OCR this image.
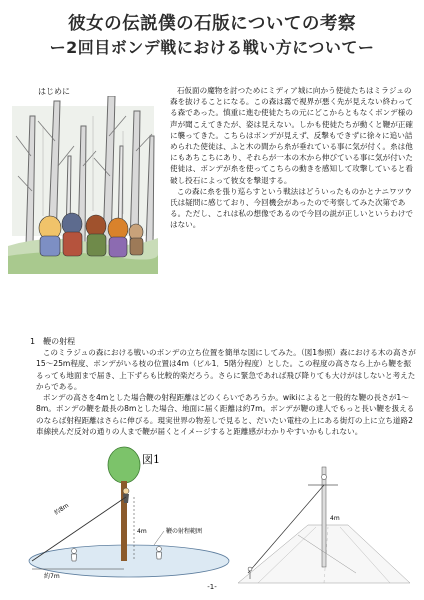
彼女の伝説僕の石版についての考察
ー2回目ボンデ戦における戦い方についてー
はじめに	石仮面の魔物を討つためにミディア城に向かう使徒たちはミラジュの森を抜けることになる。この森は霧で視界が悪く先が見えない終わってる森であった。慎重に進む使徒たちの元にどこからともなくボンデ様の声が聞こえてきたが、姿は見えない。しかも使徒たちが動くと鞭が正確に襲ってきた。こちらはボンデが見えず、反撃もできずに徐々に追い詰められた使徒は、ふと木の間から糸が垂れている事に気が付く。糸は他にもあちこちにあり、それらが一本の木から伸びている事に気が付いた使徒は、ボンデが糸を使ってこちらの動きを感知して攻撃していると看破し投石によって彼女を撃退する。

この森に糸を張り巡らすという戦法はどういったものかとナニワツウ氏は疑問に感じており、今回機会があったので考察してみた次第である。ただし、これは私の想像であるので今回の説が正しいというわけではない。

1　鞭の射程

このミラジュの森における戦いのボンデの立ち位置を簡単な図にしてみた。（図1参照）森における木の高さが15～25m程度、ボンデがいる枝の位置は4m（ビル1．5階分程度）とした。この程度の高さなら上から鞭を振るっても地面まで届き、上下ずらも比較的楽だろう。さらに緊急であれば飛び降りても大けがはしないと考えたからである。

ボンデの高さを4mとした場合鞭の射程距離はどのくらいであろうか。wikiによると一般的な鞭の長さが1～8m。ボンデの鞭を最長の8mとした場合、地面に届く距離は約7m。ボンデが鞭の達人でもっと長い鞭を扱えるのならば射程距離はさらに伸びる。現実世界の物差しで見ると、だいたい電柱の上にある街灯の上に立ち道路2車線挟んだ反対の通りの人まで鞭が届くとイメージすると距離感がわかりやすいかもしれない。

図1
約8m
4m
約7m
鞭の射程範囲
4m
-1-
